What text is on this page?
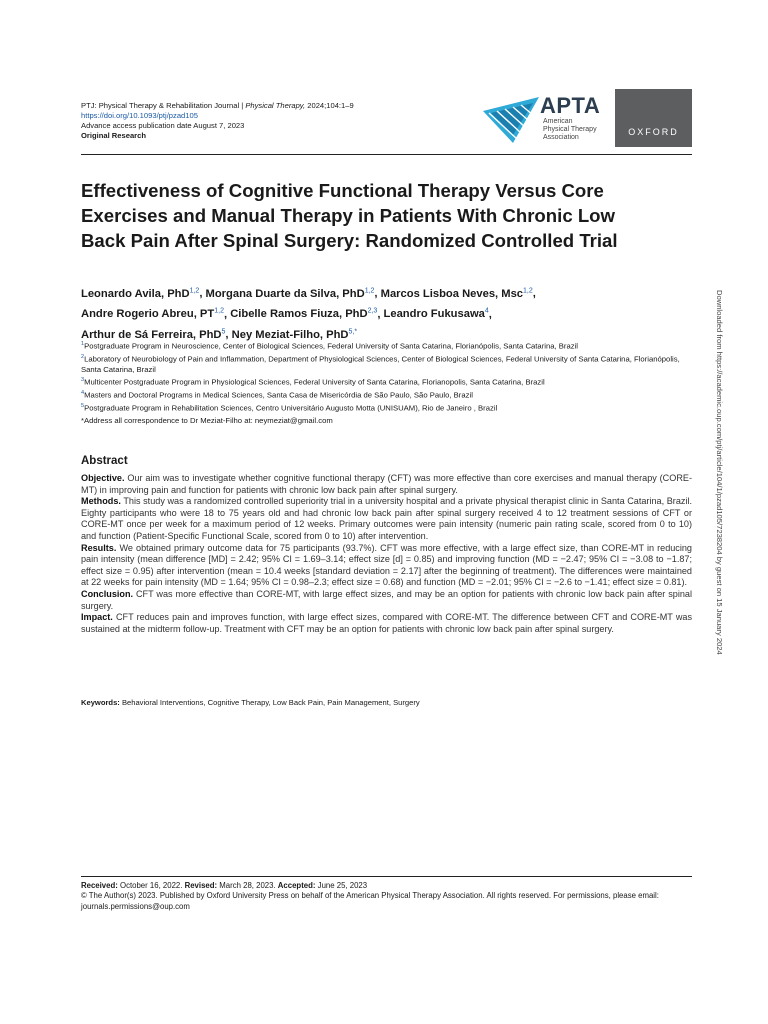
PTJ: Physical Therapy & Rehabilitation Journal | Physical Therapy, 2024;104:1–9
https://doi.org/10.1093/ptj/pzad105
Advance access publication date August 7, 2023
Original Research
APTA
American
Physical Therapy
Association
OXFORD
Effectiveness of Cognitive Functional Therapy Versus Core Exercises and Manual Therapy in Patients With Chronic Low Back Pain After Spinal Surgery: Randomized Controlled Trial
Leonardo Avila, PhD$^{1,2}$, Morgana Duarte da Silva, PhD$^{1,2}$, Marcos Lisboa Neves, Msc$^{1,2}$,
Andre Rogerio Abreu, PT$^{1,2}$, Cibelle Ramos Fiuza, PhD$^{2,3}$, Leandro Fukusawa$^4$,
Arthur de Sá Ferreira, PhD$^5$, Ney Meziat-Filho, PhD$^{5,*}$

$^1$Postgraduate Program in Neuroscience, Center of Biological Sciences, Federal University of Santa Catarina, Florianópolis, Santa Catarina, Brazil

$^2$Laboratory of Neurobiology of Pain and Inflammation, Department of Physiological Sciences, Center of Biological Sciences, Federal University of Santa Catarina, Florianópolis, Santa Catarina, Brazil

$^3$Multicenter Postgraduate Program in Physiological Sciences, Federal University of Santa Catarina, Florianopolis, Santa Catarina, Brazil

$^4$Masters and Doctoral Programs in Medical Sciences, Santa Casa de Misericórdia de São Paulo, São Paulo, Brazil

$^5$Postgraduate Program in Rehabilitation Sciences, Centro Universitário Augusto Motta (UNISUAM), Rio de Janeiro , Brazil

*Address all correspondence to Dr Meziat-Filho at: neymeziat@gmail.com

Abstract

Objective. Our aim was to investigate whether cognitive functional therapy (CFT) was more effective than core exercises and manual therapy (CORE-MT) in improving pain and function for patients with chronic low back pain after spinal surgery.

Methods. This study was a randomized controlled superiority trial in a university hospital and a private physical therapist clinic in Santa Catarina, Brazil. Eighty participants who were 18 to 75 years old and had chronic low back pain after spinal surgery received 4 to 12 treatment sessions of CFT or CORE-MT once per week for a maximum period of 12 weeks. Primary outcomes were pain intensity (numeric pain rating scale, scored from 0 to 10) and function (Patient-Specific Functional Scale, scored from 0 to 10) after intervention.

Results. We obtained primary outcome data for 75 participants (93.7%). CFT was more effective, with a large effect size, than CORE-MT in reducing pain intensity (mean difference [MD] = 2.42; 95% CI = 1.69–3.14; effect size [d] = 0.85) and improving function (MD = −2.47; 95% CI = −3.08 to −1.87; effect size = 0.95) after intervention (mean = 10.4 weeks [standard deviation = 2.17] after the beginning of treatment). The differences were maintained at 22 weeks for pain intensity (MD = 1.64; 95% CI = 0.98–2.3; effect size = 0.68) and function (MD = −2.01; 95% CI = −2.6 to −1.41; effect size = 0.81).

Conclusion. CFT was more effective than CORE-MT, with large effect sizes, and may be an option for patients with chronic low back pain after spinal surgery.

Impact. CFT reduces pain and improves function, with large effect sizes, compared with CORE-MT. The difference between CFT and CORE-MT was sustained at the midterm follow-up. Treatment with CFT may be an option for patients with chronic low back pain after spinal surgery.

Keywords: Behavioral Interventions, Cognitive Therapy, Low Back Pain, Pain Management, Surgery

Received: October 16, 2022. Revised: March 28, 2023. Accepted: June 25, 2023

© The Author(s) 2023. Published by Oxford University Press on behalf of the American Physical Therapy Association. All rights reserved. For permissions, please email: journals.permissions@oup.com

Downloaded from https://academic.oup.com/ptj/article/104/1/pzad105/7238204 by guest on 15 January 2024
